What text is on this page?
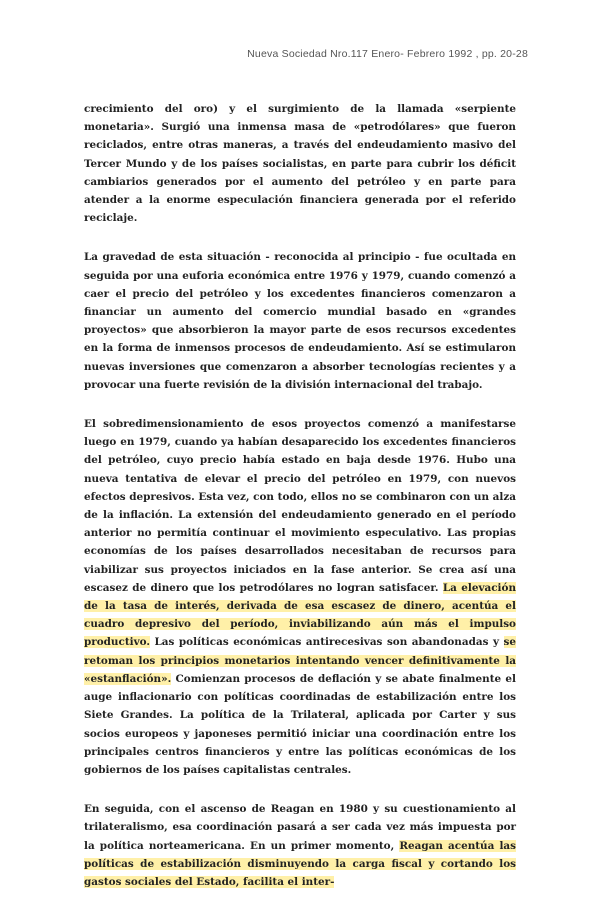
Nueva Sociedad Nro.117 Enero- Febrero 1992 , pp. 20-28

crecimiento del oro) y el surgimiento de la llamada «serpiente monetaria». Surgió una inmensa masa de «petrodólares» que fueron reciclados, entre otras maneras, a través del endeudamiento masivo del Tercer Mundo y de los países socialistas, en parte para cubrir los déficit cambiarios generados por el aumento del petróleo y en parte para atender a la enorme especulación financiera generada por el referido reciclaje.

La gravedad de esta situación - reconocida al principio - fue ocultada en seguida por una euforia económica entre 1976 y 1979, cuando comenzó a caer el precio del petróleo y los excedentes financieros comenzaron a financiar un aumento del comercio mundial basado en «grandes proyectos» que absorbieron la mayor parte de esos recursos excedentes en la forma de inmensos procesos de endeudamiento. Así se estimularon nuevas inversiones que comenzaron a absorber tecnologías recientes y a provocar una fuerte revisión de la división internacional del trabajo.

El sobredimensionamiento de esos proyectos comenzó a manifestarse luego en 1979, cuando ya habían desaparecido los excedentes financieros del petróleo, cuyo precio había estado en baja desde 1976. Hubo una nueva tentativa de elevar el precio del petróleo en 1979, con nuevos efectos depresivos. Esta vez, con todo, ellos no se combinaron con un alza de la inflación. La extensión del endeudamiento generado en el período anterior no permitía continuar el movimiento especulativo. Las propias economías de los países desarrollados necesitaban de recursos para viabilizar sus proyectos iniciados en la fase anterior. Se crea así una escasez de dinero que los petrodólares no logran satisfacer. La elevación de la tasa de interés, derivada de esa escasez de dinero, acentúa el cuadro depresivo del período, inviabilizando aún más el impulso productivo. Las políticas económicas antirecesivas son abandonadas y se retoman los principios monetarios intentando vencer definitivamente la «estanflación». Comienzan procesos de deflación y se abate finalmente el auge inflacionario con políticas coordinadas de estabilización entre los Siete Grandes. La política de la Trilateral, aplicada por Carter y sus socios europeos y japoneses permitió iniciar una coordinación entre los principales centros financieros y entre las políticas económicas de los gobiernos de los países capitalistas centrales.

En seguida, con el ascenso de Reagan en 1980 y su cuestionamiento al trilateralismo, esa coordinación pasará a ser cada vez más impuesta por la política norteamericana. En un primer momento, Reagan acentúa las políticas de estabilización disminuyendo la carga fiscal y cortando los gastos sociales del Estado, facilita el inter-
